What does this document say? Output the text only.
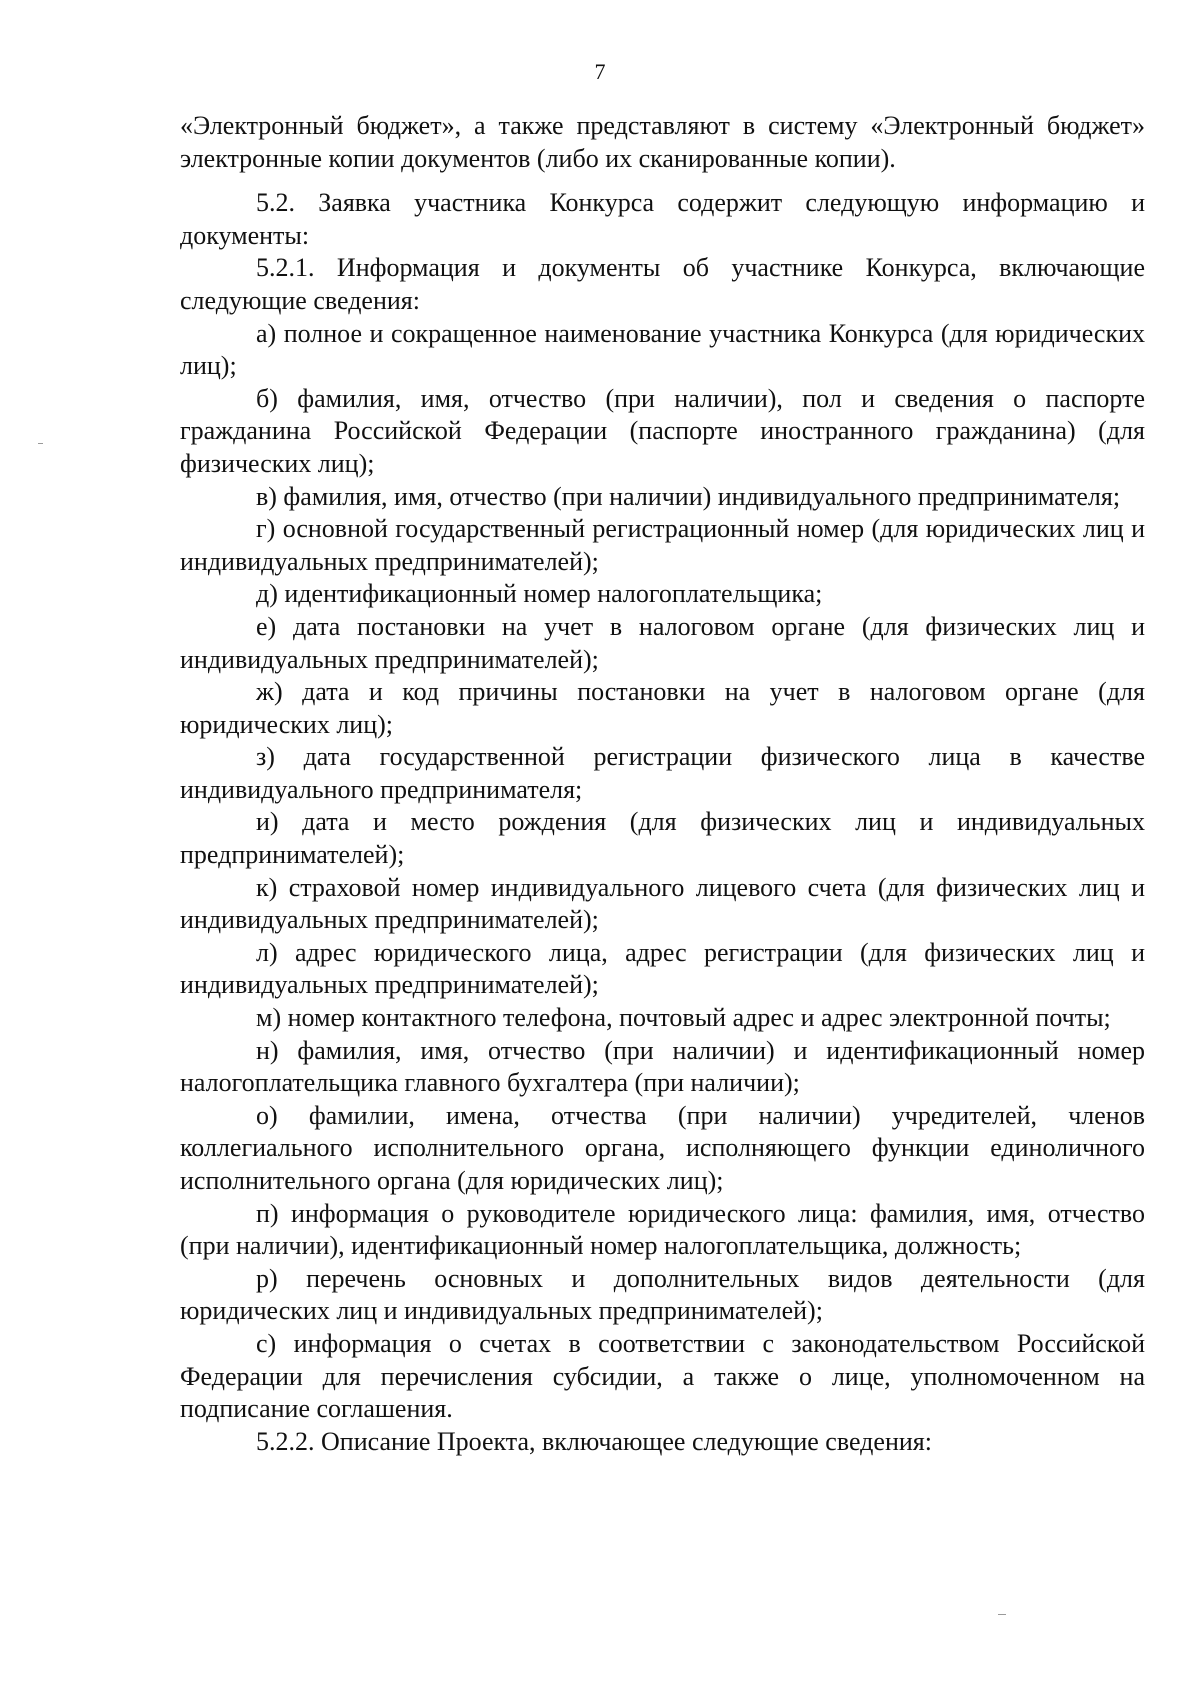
7

«Электронный бюджет», а также представляют в систему «Электронный бюджет» электронные копии документов (либо их сканированные копии).

5.2. Заявка участника Конкурса содержит следующую информацию и документы:

5.2.1. Информация и документы об участнике Конкурса, включающие следующие сведения:

а) полное и сокращенное наименование участника Конкурса (для юридических лиц);

б) фамилия, имя, отчество (при наличии), пол и сведения о паспорте гражданина Российской Федерации (паспорте иностранного гражданина) (для физических лиц);

в) фамилия, имя, отчество (при наличии) индивидуального предпринимателя;

г) основной государственный регистрационный номер (для юридических лиц и индивидуальных предпринимателей);

д) идентификационный номер налогоплательщика;

е) дата постановки на учет в налоговом органе (для физических лиц и индивидуальных предпринимателей);

ж) дата и код причины постановки на учет в налоговом органе (для юридических лиц);

з) дата государственной регистрации физического лица в качестве индивидуального предпринимателя;

и) дата и место рождения (для физических лиц и индивидуальных предпринимателей);

к) страховой номер индивидуального лицевого счета (для физических лиц и индивидуальных предпринимателей);

л) адрес юридического лица, адрес регистрации (для физических лиц и индивидуальных предпринимателей);

м) номер контактного телефона, почтовый адрес и адрес электронной почты;

н) фамилия, имя, отчество (при наличии) и идентификационный номер налогоплательщика главного бухгалтера (при наличии);

о) фамилии, имена, отчества (при наличии) учредителей, членов коллегиального исполнительного органа, исполняющего функции единоличного исполнительного органа (для юридических лиц);

п) информация о руководителе юридического лица: фамилия, имя, отчество (при наличии), идентификационный номер налогоплательщика, должность;

р) перечень основных и дополнительных видов деятельности (для юридических лиц и индивидуальных предпринимателей);

с) информация о счетах в соответствии с законодательством Российской Федерации для перечисления субсидии, а также о лице, уполномоченном на подписание соглашения.

5.2.2. Описание Проекта, включающее следующие сведения:
